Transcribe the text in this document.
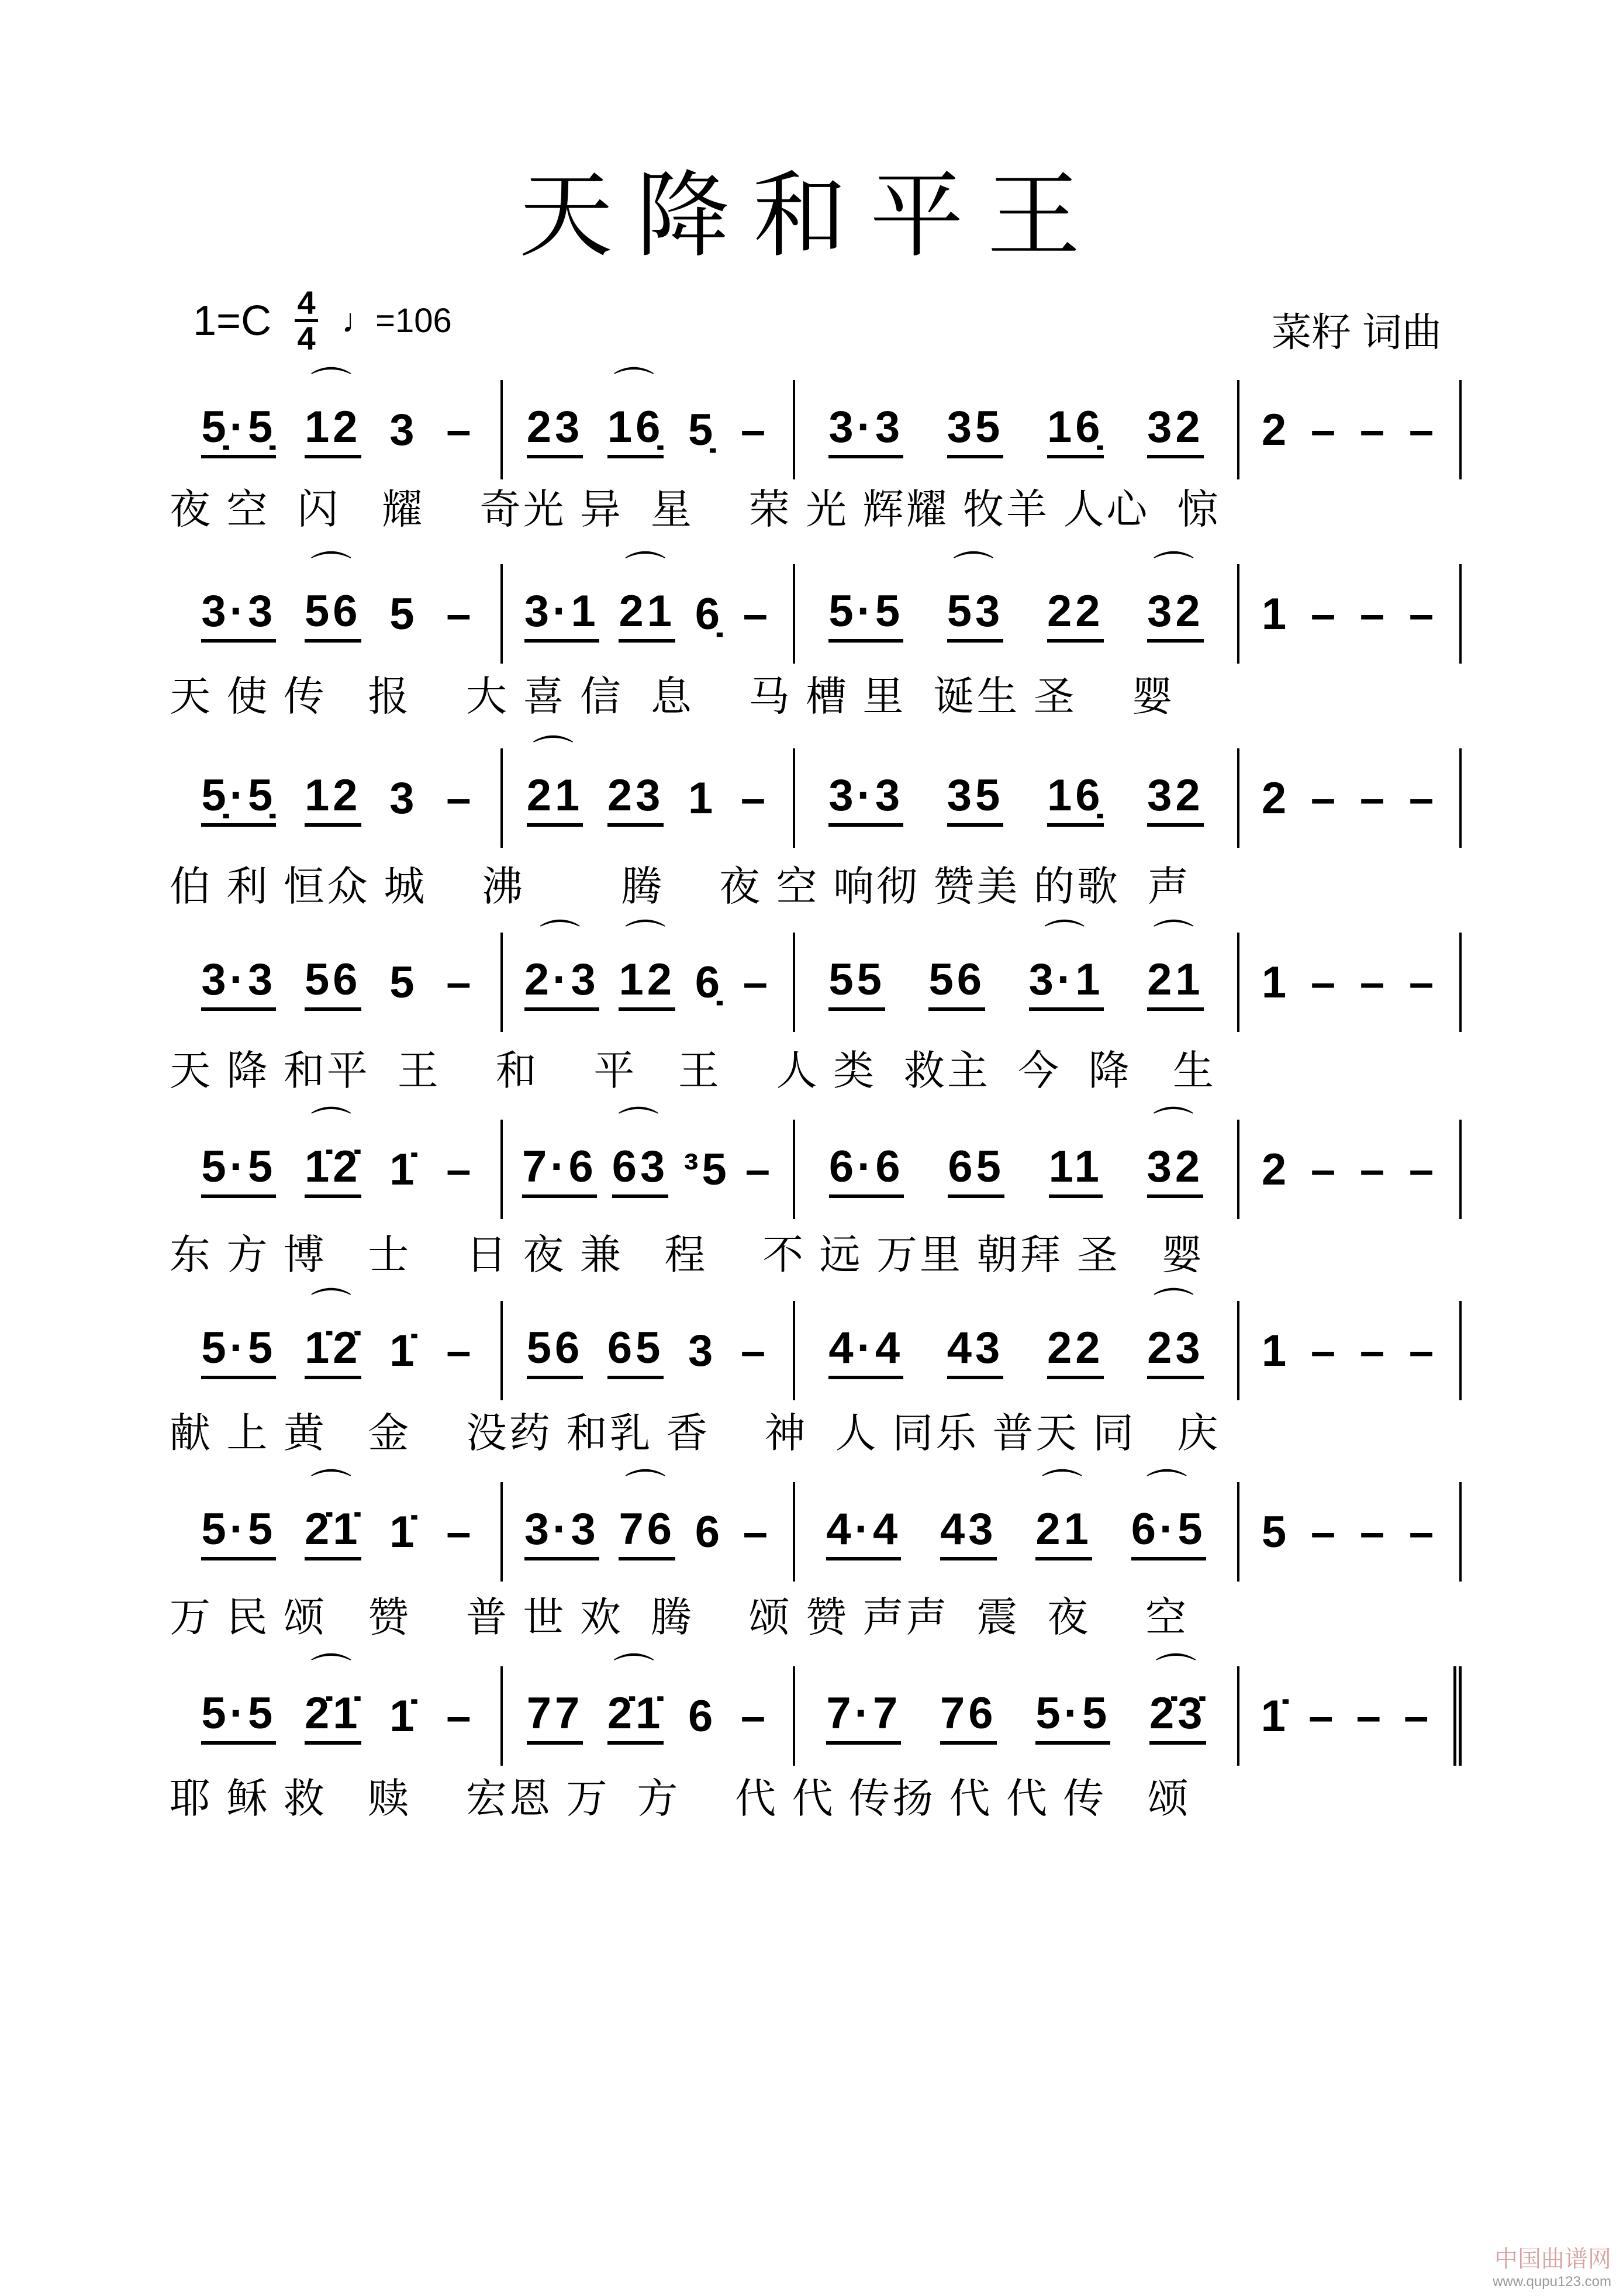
天降和平王
1=C 4
4 ♩=106	菜籽 词曲
5̣·5̣ 12
⌒
3 – 23 16̣
⌒
5̣ – 3·3 35 16̣ 32 2 – – –
夜 空  闪   耀    奇光 异  星    荣 光 辉耀 牧羊 人心  惊
3·3 56
⌒
5 – 3·1 21
⌒
6̣ – 5·5 53
⌒
22 32
⌒
1 – – –
天 使 传   报    大 喜 信  息    马 槽 里  诞生 圣    婴
5̣·5̣ 12 3 – 21
⌒
23 1 – 3·3 35 16̣ 32 2 – – –
伯 利 恒众 城    沸       腾    夜 空 响彻 赞美 的歌  声
3·3 56 5 – 2·3
⌒
12
⌒
6̣ – 55 56 3·1
⌒
21
⌒
1 – – –
天 降 和平  王    和    平   王    人 类  救主  今  降   生
5·5 1̇2̇
⌒
1̇ – 7·6 63
⌒
³5 – 6·6 65 11 32
⌒
2 – – –
东 方 博   士    日 夜 兼   程    不 远 万里 朝拜 圣   婴
5·5 1̇2̇
⌒
1̇ – 56 65 3 – 4·4 43 22 23
⌒
1 – – –
献 上 黄   金    没药 和乳 香    神  人 同乐 普天 同   庆
5·5 2̇1̇
⌒
1̇ – 3·3 76
⌒
6 – 4·4 43 21
⌒
6·5
⌒
5 – – –
万 民 颂   赞    普 世 欢  腾    颂 赞 声声  震  夜    空
5·5 2̇1̇
⌒
1̇ – 77 2̇1̇
⌒
6 – 7·7 76 5·5 2̇3̇
⌒
1̇ – – –
耶 稣 救   赎    宏恩 万  方    代 代 传扬 代 代 传   颂
中国曲谱网
www.qupu123.com
